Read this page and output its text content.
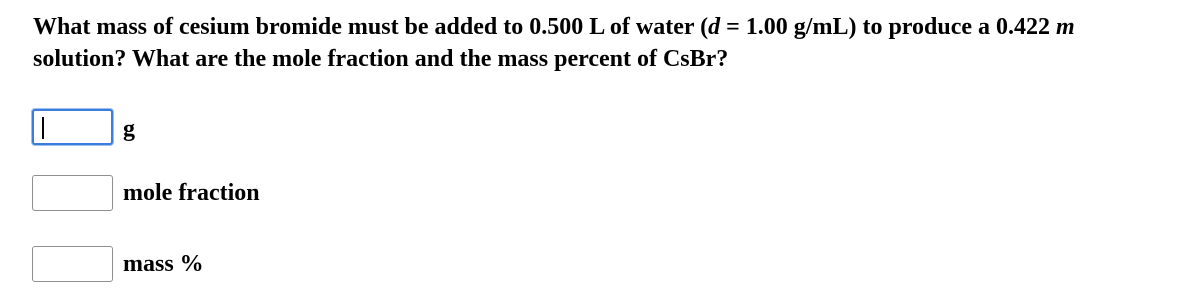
What mass of cesium bromide must be added to 0.500 L of water (d = 1.00 g/mL) to produce a 0.422 m
solution? What are the mole fraction and the mass percent of CsBr?
g
mole fraction
mass %
